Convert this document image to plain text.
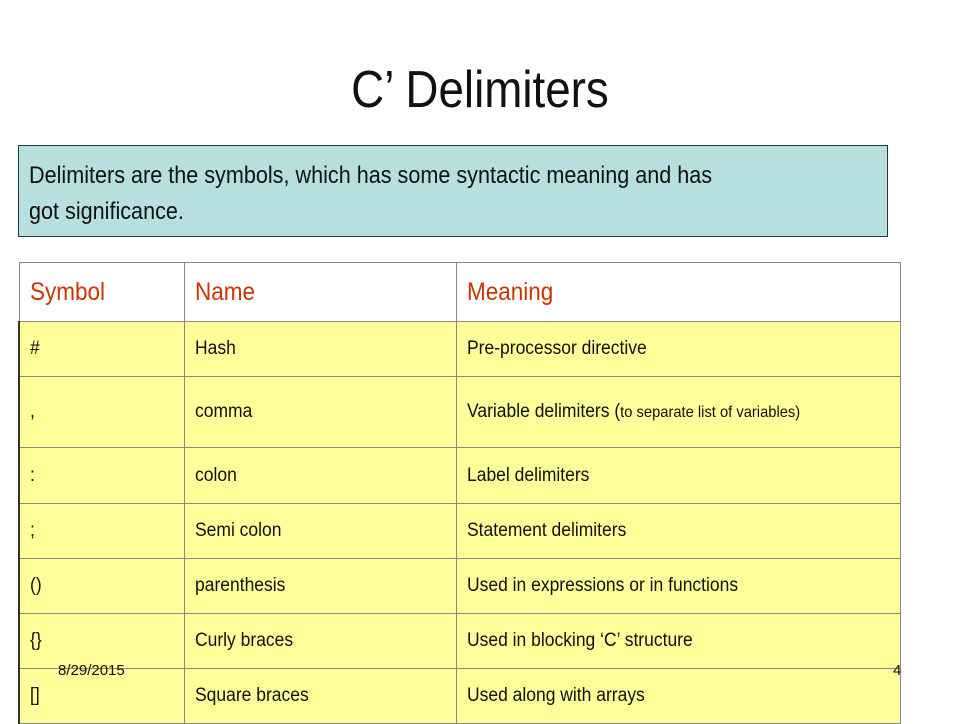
C’ Delimiters
Delimiters are the symbols, which has some syntactic meaning and has
got significance.
Symbol	Name	Meaning
#	Hash	Pre-processor directive
,	comma	Variable delimiters (to separate list of variables)

:	colon	Label delimiters
;	Semi colon	Statement delimiters
()	parenthesis	Used in expressions or in functions
{}	Curly braces	Used in blocking ‘C’ structure
[]	Square braces	Used along with arrays
8/29/2015	4
